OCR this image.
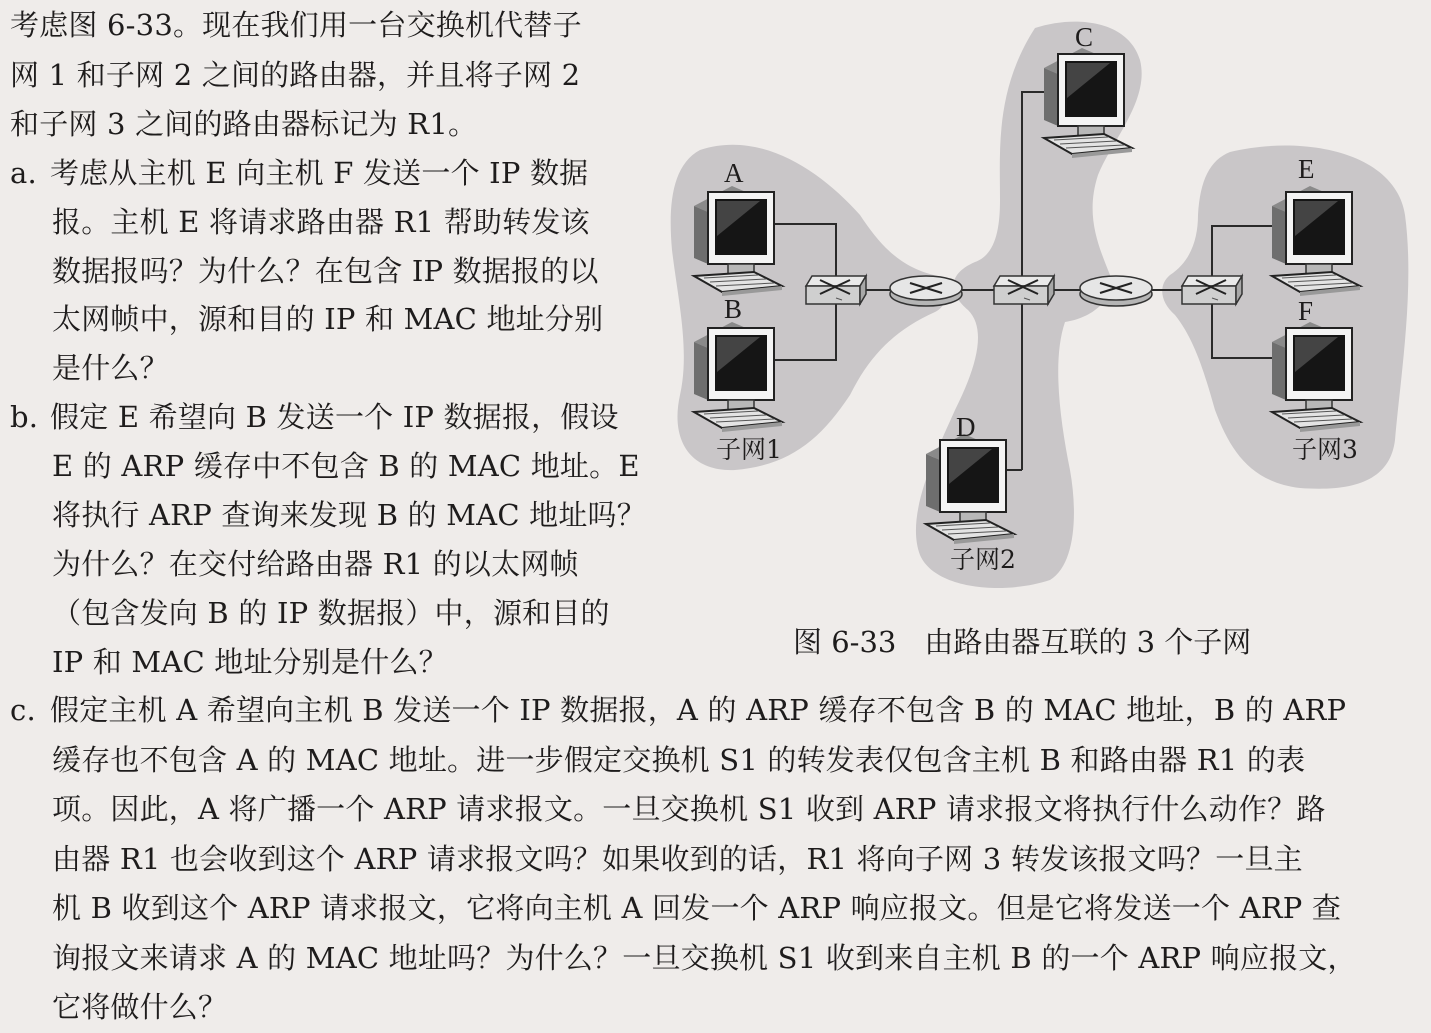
考虑图 6-33。现在我们用一台交换机代替子
网 1 和子网 2 之间的路由器，并且将子网 2
和子网 3 之间的路由器标记为 R1。
a. 考虑从主机 E 向主机 F 发送一个 IP 数据
报。主机 E 将请求路由器 R1 帮助转发该
数据报吗？为什么？在包含 IP 数据报的以
太网帧中，源和目的 IP 和 MAC 地址分别
是什么？
b. 假定 E 希望向 B 发送一个 IP 数据报，假设
E 的 ARP 缓存中不包含 B 的 MAC 地址。E
将执行 ARP 查询来发现 B 的 MAC 地址吗？
为什么？在交付给路由器 R1 的以太网帧
（包含发向 B 的 IP 数据报）中，源和目的
IP 和 MAC 地址分别是什么？
c. 假定主机 A 希望向主机 B 发送一个 IP 数据报，A 的 ARP 缓存不包含 B 的 MAC 地址，B 的 ARP
缓存也不包含 A 的 MAC 地址。进一步假定交换机 S1 的转发表仅包含主机 B 和路由器 R1 的表
项。因此，A 将广播一个 ARP 请求报文。一旦交换机 S1 收到 ARP 请求报文将执行什么动作？路
由器 R1 也会收到这个 ARP 请求报文吗？如果收到的话，R1 将向子网 3 转发该报文吗？一旦主
机 B 收到这个 ARP 请求报文，它将向主机 A 回发一个 ARP 响应报文。但是它将发送一个 ARP 查
询报文来请求 A 的 MAC 地址吗？为什么？一旦交换机 S1 收到来自主机 B 的一个 ARP 响应报文，
它将做什么？
A
B
C
D
E
F
子网1
子网2
子网3
图 6-33 由路由器互联的 3 个子网
